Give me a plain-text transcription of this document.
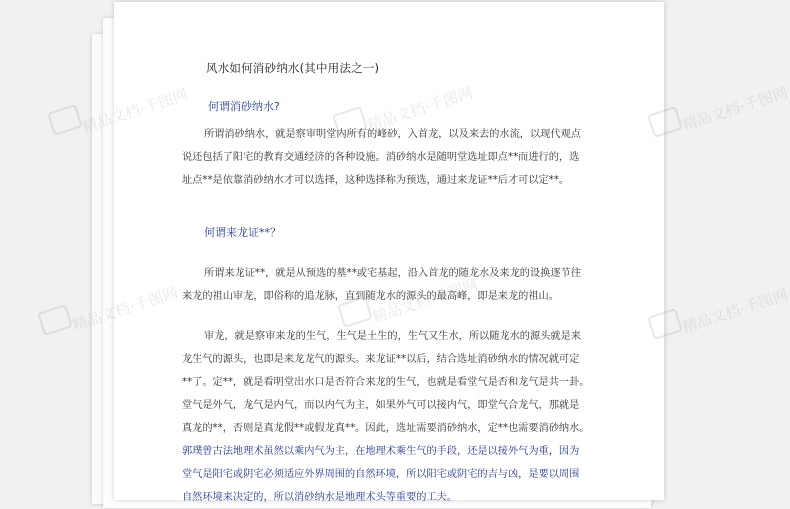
风水如何消砂纳水(其中用法之一)
何谓消砂纳水?

所谓消砂纳水，就是察审明堂内所有的峰砂，入首龙，以及来去的水流，以现代观点

说还包括了阳宅的教育交通经济的各种设施。消砂纳水是随明堂选址即点**而进行的，选

址点**是依靠消砂纳水才可以选择，这种选择称为预选，通过来龙证**后才可以定**。

何谓来龙证**？

所谓来龙证**，就是从预选的墓**或宅基起，沿入首龙的随龙水及来龙的设换逐节往

来龙的祖山审龙，即俗称的追龙脉，直到随龙水的源头的最高峰，即是来龙的祖山。

审龙，就是察审来龙的生气，生气是土生的，生气又生水，所以随龙水的源头就是来

龙生气的源头，也即是来龙龙气的源头。来龙证**以后，结合选址消砂纳水的情况就可定

**了。定**，就是看明堂出水口是否符合来龙的生气，也就是看堂气是否和龙气是共一卦。

堂气是外气，龙气是内气，而以内气为主，如果外气可以接内气，即堂气合龙气，那就是

真龙的**，否则是真龙假**或假龙真**。因此，选址需要消砂纳水，定**也需要消砂纳水。

郭璞曾古法地理术虽然以乘内气为主，在地理术乘生气的手段，还是以接外气为重，因为

堂气是阳宅或阴宅必须适应外界周围的自然环境，所以阳宅或阴宅的吉与凶，是要以周围

自然环境来决定的，所以消砂纳水是地理术头等重要的工夫。

精品文档·千图网
精品文档·千图网
